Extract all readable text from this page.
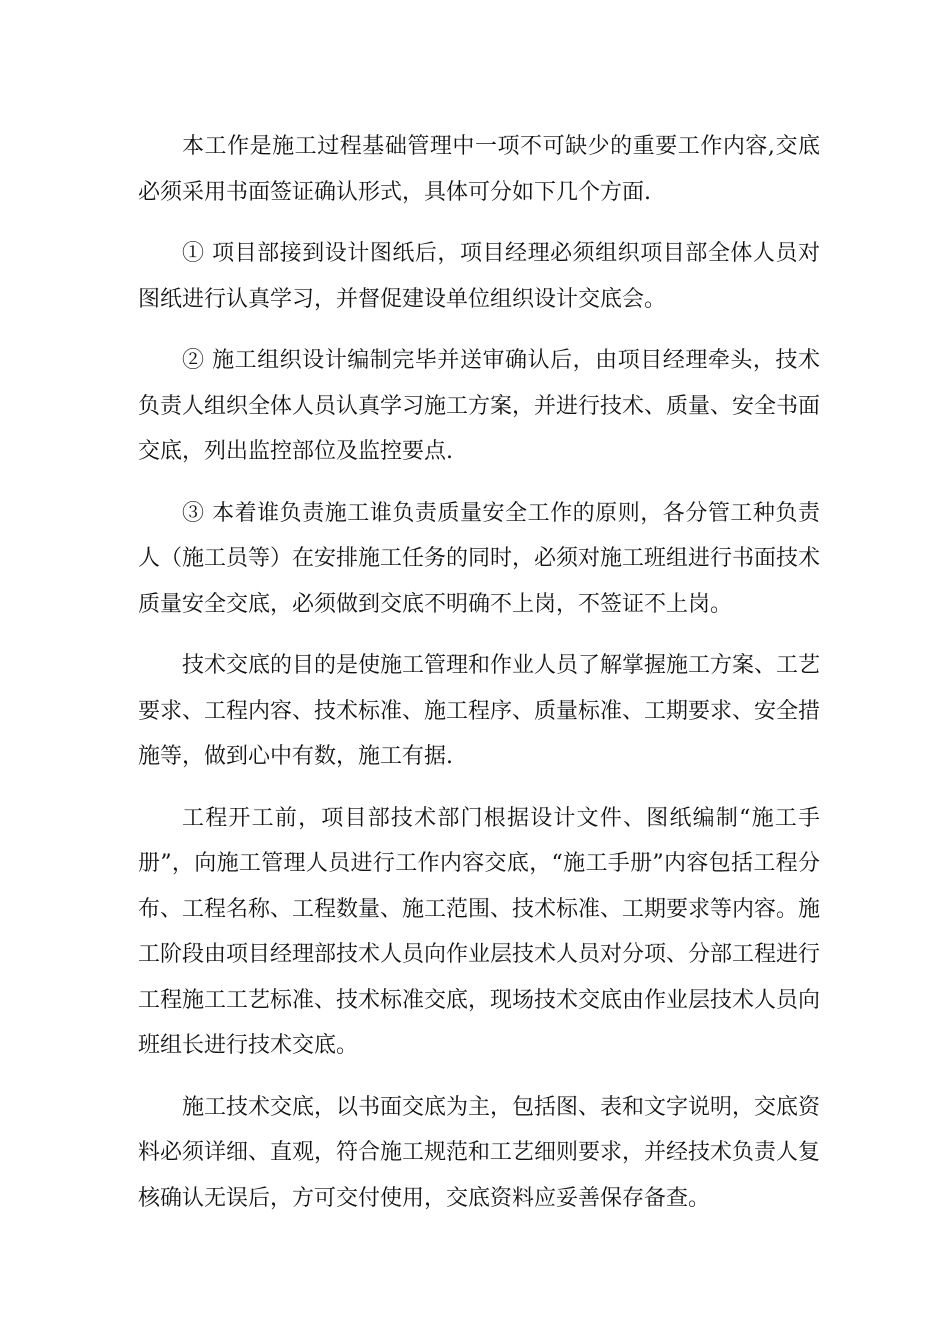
本工作是施工过程基础管理中一项不可缺少的重要工作内容,交底必须采用书面签证确认形式，具体可分如下几个方面.

① 项目部接到设计图纸后，项目经理必须组织项目部全体人员对图纸进行认真学习，并督促建设单位组织设计交底会。

② 施工组织设计编制完毕并送审确认后，由项目经理牵头，技术负责人组织全体人员认真学习施工方案，并进行技术、质量、安全书面交底，列出监控部位及监控要点.

③ 本着谁负责施工谁负责质量安全工作的原则，各分管工种负责人（施工员等）在安排施工任务的同时，必须对施工班组进行书面技术质量安全交底，必须做到交底不明确不上岗，不签证不上岗。

技术交底的目的是使施工管理和作业人员了解掌握施工方案、工艺要求、工程内容、技术标准、施工程序、质量标准、工期要求、安全措施等，做到心中有数，施工有据.

工程开工前，项目部技术部门根据设计文件、图纸编制“施工手册”，向施工管理人员进行工作内容交底，“施工手册”内容包括工程分布、工程名称、工程数量、施工范围、技术标准、工期要求等内容。施工阶段由项目经理部技术人员向作业层技术人员对分项、分部工程进行工程施工工艺标准、技术标准交底，现场技术交底由作业层技术人员向班组长进行技术交底。

施工技术交底，以书面交底为主，包括图、表和文字说明，交底资料必须详细、直观，符合施工规范和工艺细则要求，并经技术负责人复核确认无误后，方可交付使用，交底资料应妥善保存备查。
